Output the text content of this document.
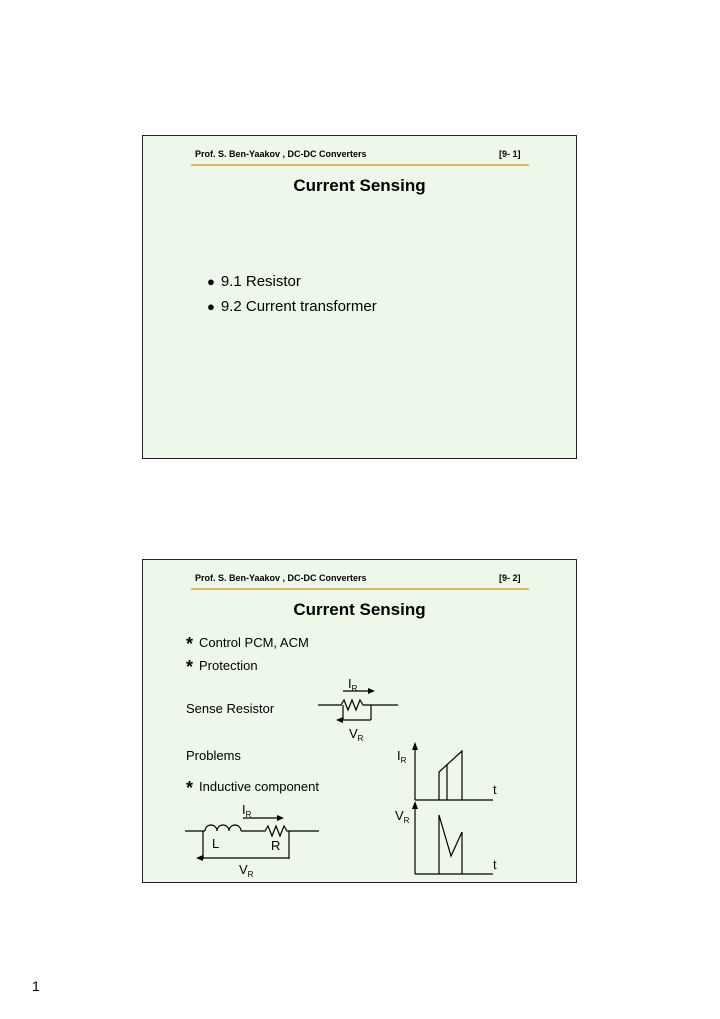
Prof. S. Ben-Yaakov , DC-DC Converters	[9- 1]
Current Sensing
● 9.1 Resistor
● 9.2 Current transformer
Prof. S. Ben-Yaakov , DC-DC Converters	[9- 2]
Current Sensing
* Control PCM, ACM
* Protection
Sense Resistor
Problems
* Inductive component
$I_R$
$V_R$
$I_R$
t
$I_R$	$V_R$
L	R
t
$V_R$
1
